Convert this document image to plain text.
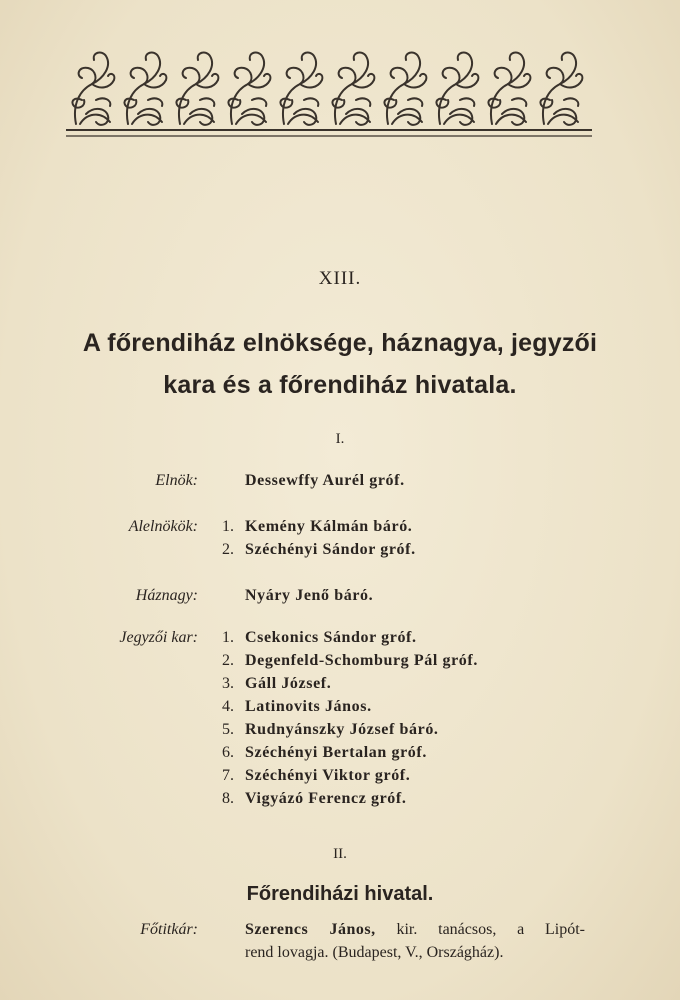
XIII.
A főrendiház elnöksége, háznagya, jegyzői
kara és a főrendiház hivatala.
I.
Elnök:	Dessewffy Aurél gróf.
Alelnökök: 1. Kemény Kálmán báró.
2. Széchényi Sándor gróf.
Háznagy:	Nyáry Jenő báró.
Jegyzői kar: 1. Csekonics Sándor gróf.
2. Degenfeld-Schomburg Pál gróf.
3. Gáll József.
4. Latinovits János.
5. Rudnyánszky József báró.
6. Széchényi Bertalan gróf.
7. Széchényi Viktor gróf.
8. Vigyázó Ferencz gróf.
II.
Főrendiházi hivatal.
Főtitkár:	Szerencs János, kir. tanácsos, a Lipót-
rend lovagja. (Budapest, V., Országház).
